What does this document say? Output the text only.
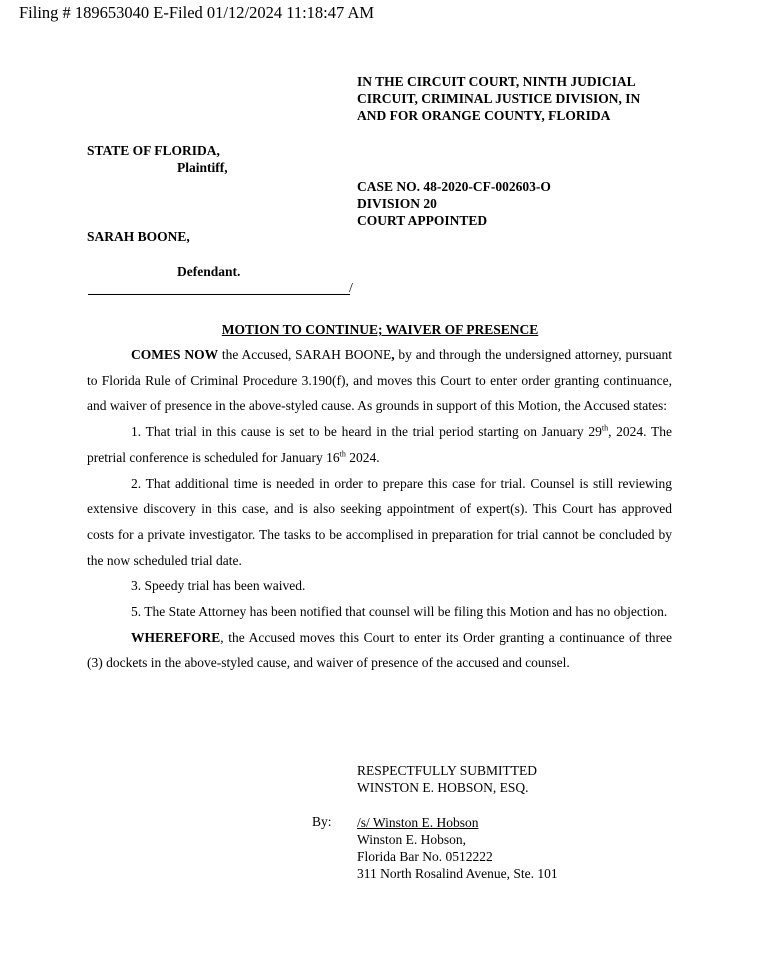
Filing # 189653040 E-Filed 01/12/2024 11:18:47 AM
IN THE CIRCUIT COURT, NINTH JUDICIAL
CIRCUIT, CRIMINAL JUSTICE DIVISION, IN
AND FOR ORANGE COUNTY, FLORIDA
STATE OF FLORIDA,
Plaintiff,
CASE NO. 48-2020-CF-002603-O
DIVISION 20
COURT APPOINTED
SARAH BOONE,
Defendant.
/
MOTION TO CONTINUE; WAIVER OF PRESENCE

COMES NOW the Accused, SARAH BOONE, by and through the undersigned attorney, pursuant to Florida Rule of Criminal Procedure 3.190(f), and moves this Court to enter order granting continuance, and waiver of presence in the above-styled cause. As grounds in support of this Motion, the Accused states:

1. That trial in this cause is set to be heard in the trial period starting on January 29th, 2024. The pretrial conference is scheduled for January 16th 2024.

2. That additional time is needed in order to prepare this case for trial. Counsel is still reviewing extensive discovery in this case, and is also seeking appointment of expert(s). This Court has approved costs for a private investigator. The tasks to be accomplised in preparation for trial cannot be concluded by the now scheduled trial date.

3. Speedy trial has been waived.

5. The State Attorney has been notified that counsel will be filing this Motion and has no objection.

WHEREFORE, the Accused moves this Court to enter its Order granting a continuance of three (3) dockets in the above-styled cause, and waiver of presence of the accused and counsel.

RESPECTFULLY SUBMITTED
WINSTON E. HOBSON, ESQ.
By: /s/ Winston E. Hobson
Winston E. Hobson,
Florida Bar No. 0512222
311 North Rosalind Avenue, Ste. 101
